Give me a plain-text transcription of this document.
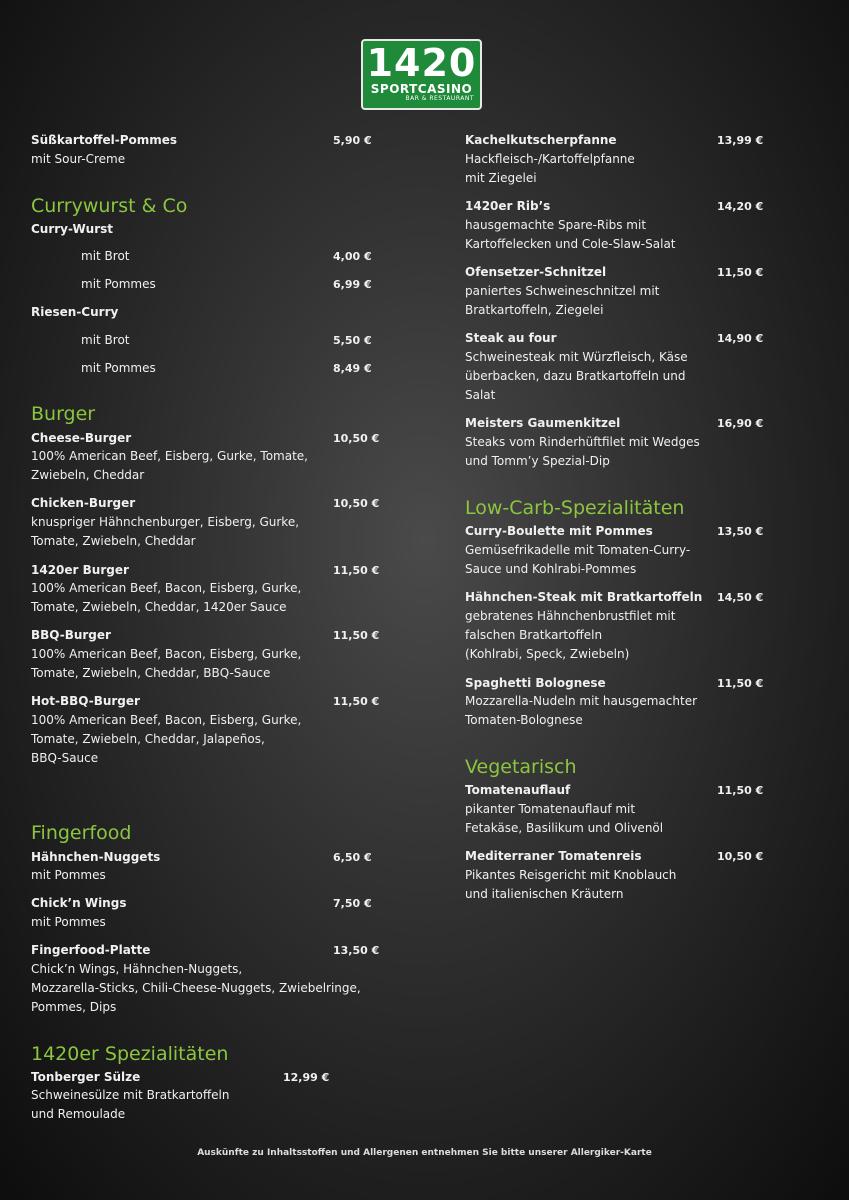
1420
SPORTCASINO
BAR & RESTAURANT
Süßkartoffel-Pommes	5,90 €
mit Sour-Creme
Currywurst & Co
Curry-Wurst
mit Brot	4,00 €
mit Pommes	6,99 €
Riesen-Curry
mit Brot	5,50 €
mit Pommes	8,49 €
Burger
Cheese-Burger	10,50 €
100% American Beef, Eisberg, Gurke, Tomate,
Zwiebeln, Cheddar
Chicken-Burger	10,50 €
knuspriger Hähnchenburger, Eisberg, Gurke,
Tomate, Zwiebeln, Cheddar
1420er Burger	11,50 €
100% American Beef, Bacon, Eisberg, Gurke,
Tomate, Zwiebeln, Cheddar, 1420er Sauce
BBQ-Burger	11,50 €
100% American Beef, Bacon, Eisberg, Gurke,
Tomate, Zwiebeln, Cheddar, BBQ-Sauce
Hot-BBQ-Burger	11,50 €
100% American Beef, Bacon, Eisberg, Gurke,
Tomate, Zwiebeln, Cheddar, Jalapeños,
BBQ-Sauce
Fingerfood
Hähnchen-Nuggets	6,50 €
mit Pommes
Chick’n Wings	7,50 €
mit Pommes
Fingerfood-Platte	13,50 €
Chick’n Wings, Hähnchen-Nuggets,
Mozzarella-Sticks, Chili-Cheese-Nuggets, Zwiebelringe,
Pommes, Dips
1420er Spezialitäten
Tonberger Sülze	12,99 €
Schweinesülze mit Bratkartoffeln
und Remoulade
Kachelkutscherpfanne	13,99 €
Hackfleisch-/Kartoffelpfanne
mit Ziegelei
1420er Rib’s	14,20 €
hausgemachte Spare-Ribs mit
Kartoffelecken und Cole-Slaw-Salat
Ofensetzer-Schnitzel	11,50 €
paniertes Schweineschnitzel mit
Bratkartoffeln, Ziegelei
Steak au four	14,90 €
Schweinesteak mit Würzfleisch, Käse
überbacken, dazu Bratkartoffeln und
Salat
Meisters Gaumenkitzel	16,90 €
Steaks vom Rinderhüftfilet mit Wedges
und Tomm’y Spezial-Dip
Low-Carb-Spezialitäten
Curry-Boulette mit Pommes	13,50 €
Gemüsefrikadelle mit Tomaten-Curry-
Sauce und Kohlrabi-Pommes
Hähnchen-Steak mit Bratkartoffeln 14,50 €
gebratenes Hähnchenbrustfilet mit
falschen Bratkartoffeln
(Kohlrabi, Speck, Zwiebeln)
Spaghetti Bolognese	11,50 €
Mozzarella-Nudeln mit hausgemachter
Tomaten-Bolognese
Vegetarisch
Tomatenauflauf	11,50 €
pikanter Tomatenauflauf mit
Fetakäse, Basilikum und Olivenöl
Mediterraner Tomatenreis	10,50 €
Pikantes Reisgericht mit Knoblauch
und italienischen Kräutern
Auskünfte zu Inhaltsstoffen und Allergenen entnehmen Sie bitte unserer Allergiker-Karte
